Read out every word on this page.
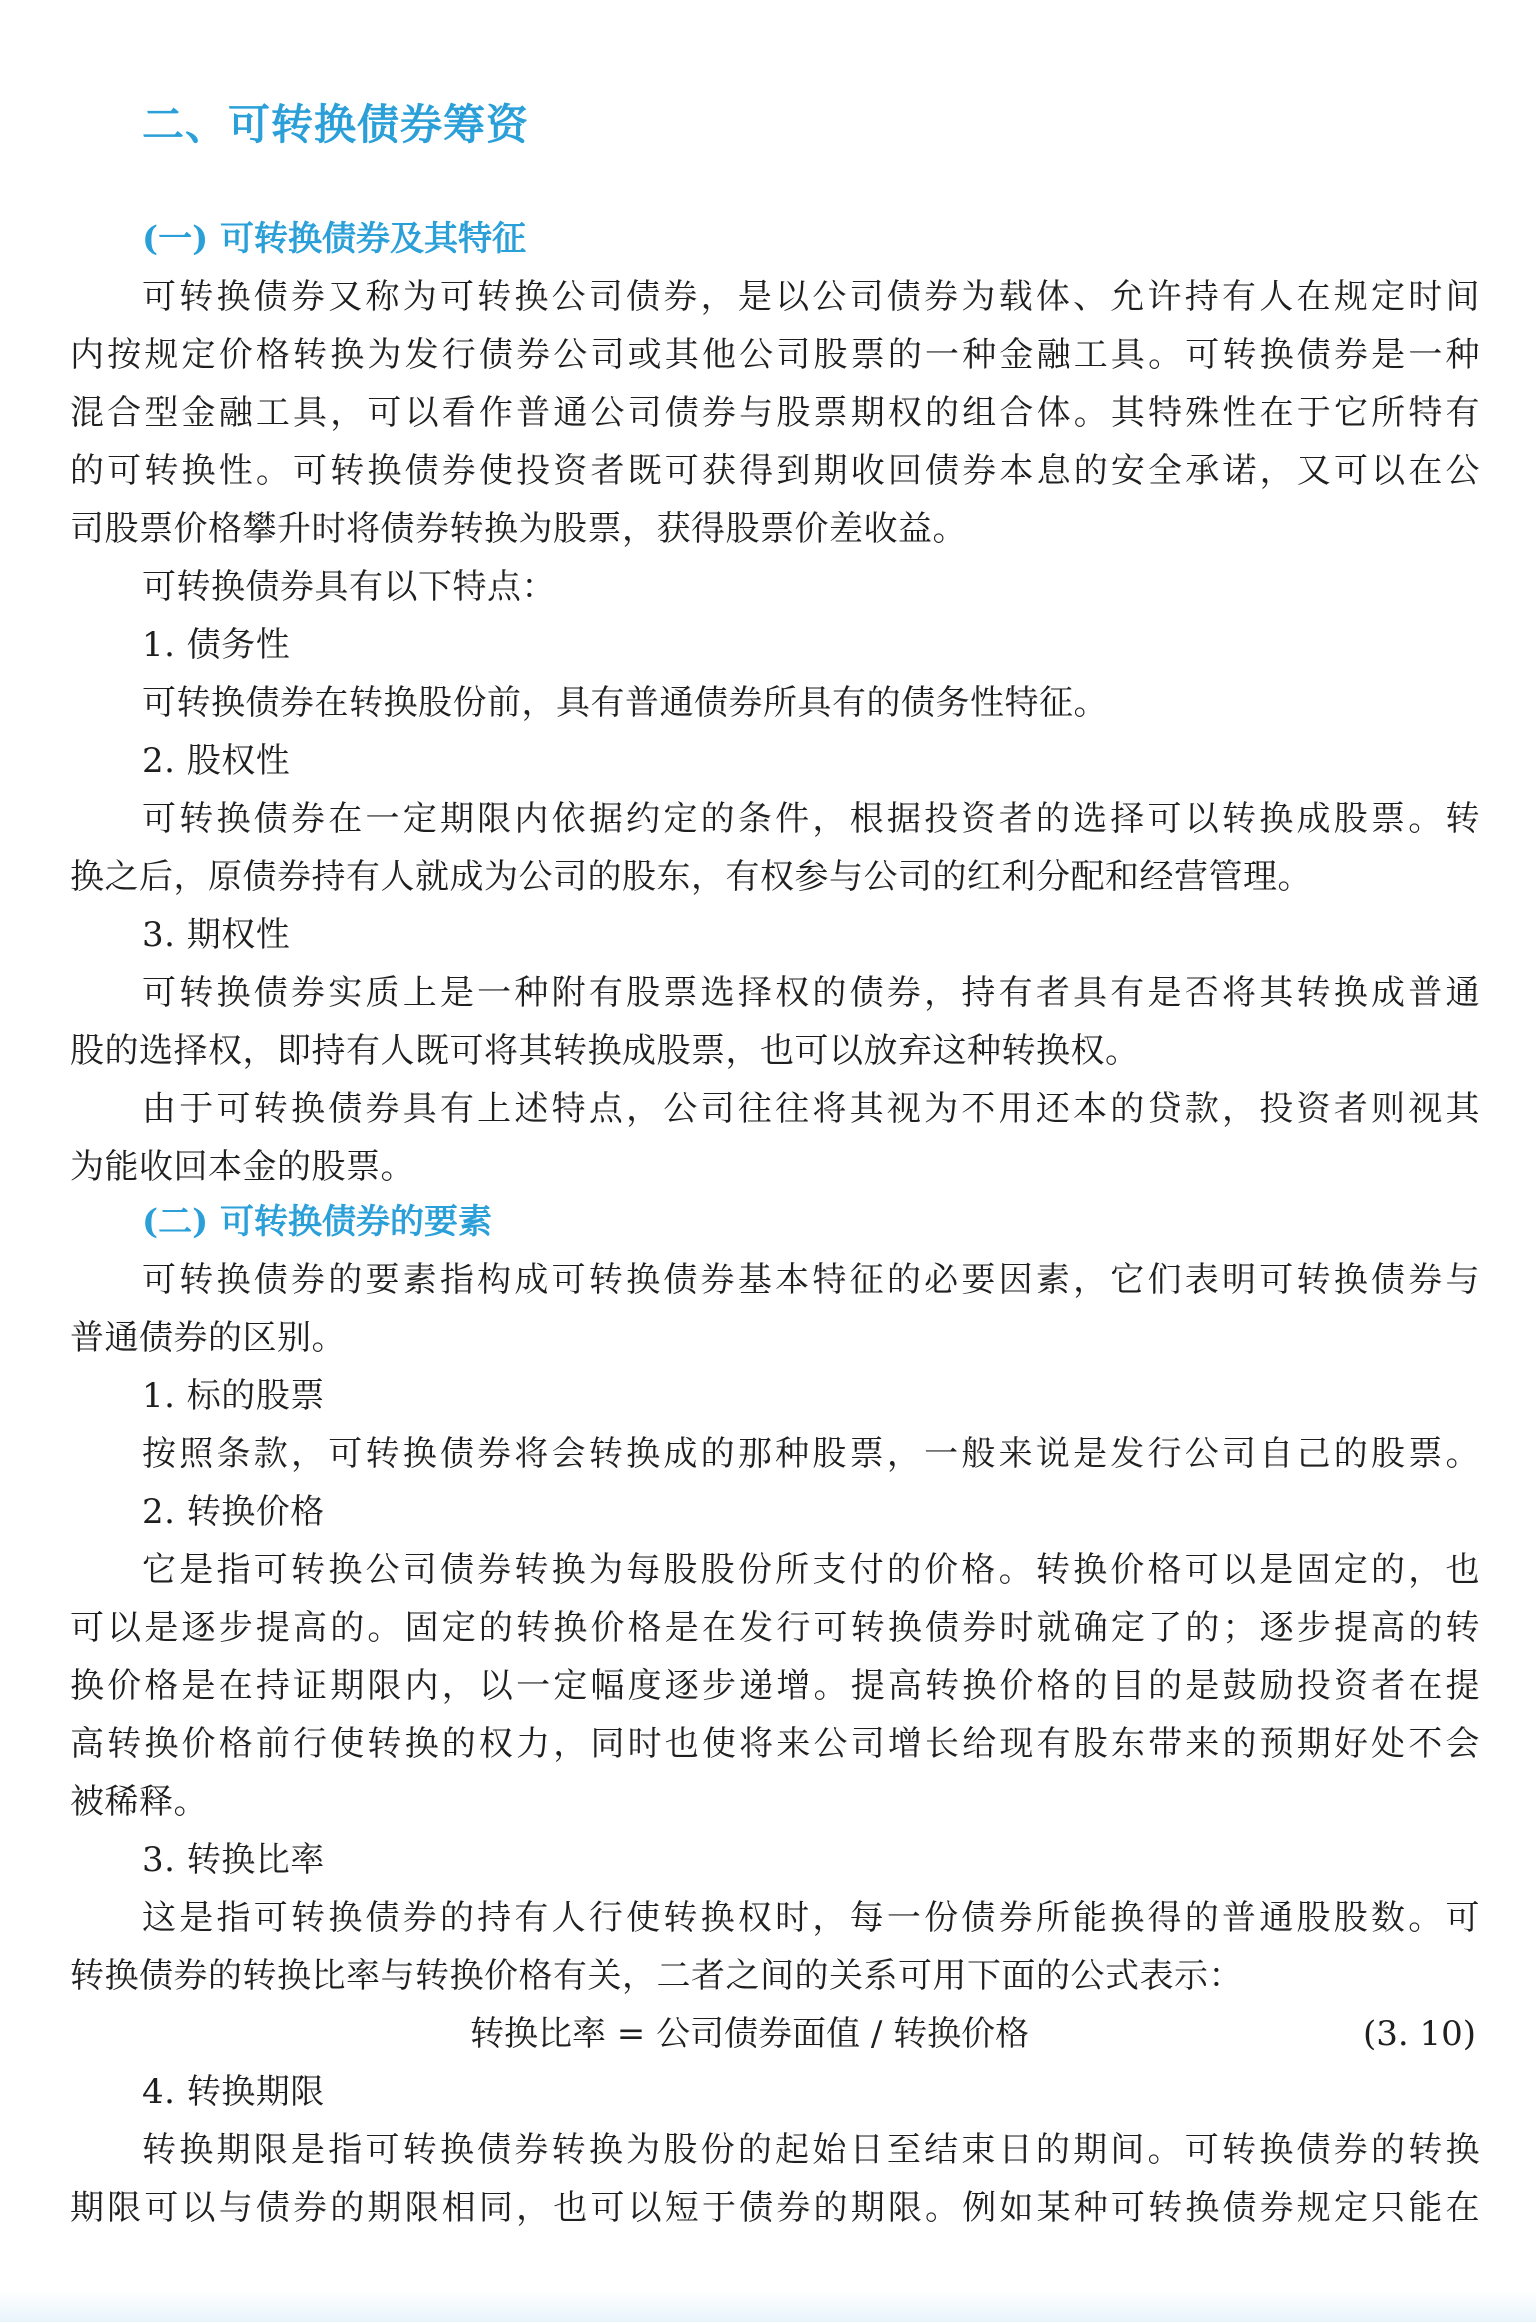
二、可转换债券筹资
(一) 可转换债券及其特征
可转换债券又称为可转换公司债券，是以公司债券为载体、允许持有人在规定时间
内按规定价格转换为发行债券公司或其他公司股票的一种金融工具。可转换债券是一种
混合型金融工具，可以看作普通公司债券与股票期权的组合体。其特殊性在于它所特有
的可转换性。可转换债券使投资者既可获得到期收回债券本息的安全承诺，又可以在公
司股票价格攀升时将债券转换为股票，获得股票价差收益。
可转换债券具有以下特点：
1. 债务性
可转换债券在转换股份前，具有普通债券所具有的债务性特征。
2. 股权性
可转换债券在一定期限内依据约定的条件，根据投资者的选择可以转换成股票。转
换之后，原债券持有人就成为公司的股东，有权参与公司的红利分配和经营管理。
3. 期权性
可转换债券实质上是一种附有股票选择权的债券，持有者具有是否将其转换成普通
股的选择权，即持有人既可将其转换成股票，也可以放弃这种转换权。
由于可转换债券具有上述特点，公司往往将其视为不用还本的贷款，投资者则视其
为能收回本金的股票。
(二) 可转换债券的要素
可转换债券的要素指构成可转换债券基本特征的必要因素，它们表明可转换债券与
普通债券的区别。
1. 标的股票
按照条款，可转换债券将会转换成的那种股票，一般来说是发行公司自己的股票。
2. 转换价格
它是指可转换公司债券转换为每股股份所支付的价格。转换价格可以是固定的，也
可以是逐步提高的。固定的转换价格是在发行可转换债券时就确定了的；逐步提高的转
换价格是在持证期限内，以一定幅度逐步递增。提高转换价格的目的是鼓励投资者在提
高转换价格前行使转换的权力，同时也使将来公司增长给现有股东带来的预期好处不会
被稀释。
3. 转换比率
这是指可转换债券的持有人行使转换权时，每一份债券所能换得的普通股股数。可
转换债券的转换比率与转换价格有关，二者之间的关系可用下面的公式表示：
转换比率 = 公司债券面值 / 转换价格	(3. 10)
4. 转换期限
转换期限是指可转换债券转换为股份的起始日至结束日的期间。可转换债券的转换
期限可以与债券的期限相同，也可以短于债券的期限。例如某种可转换债券规定只能在
